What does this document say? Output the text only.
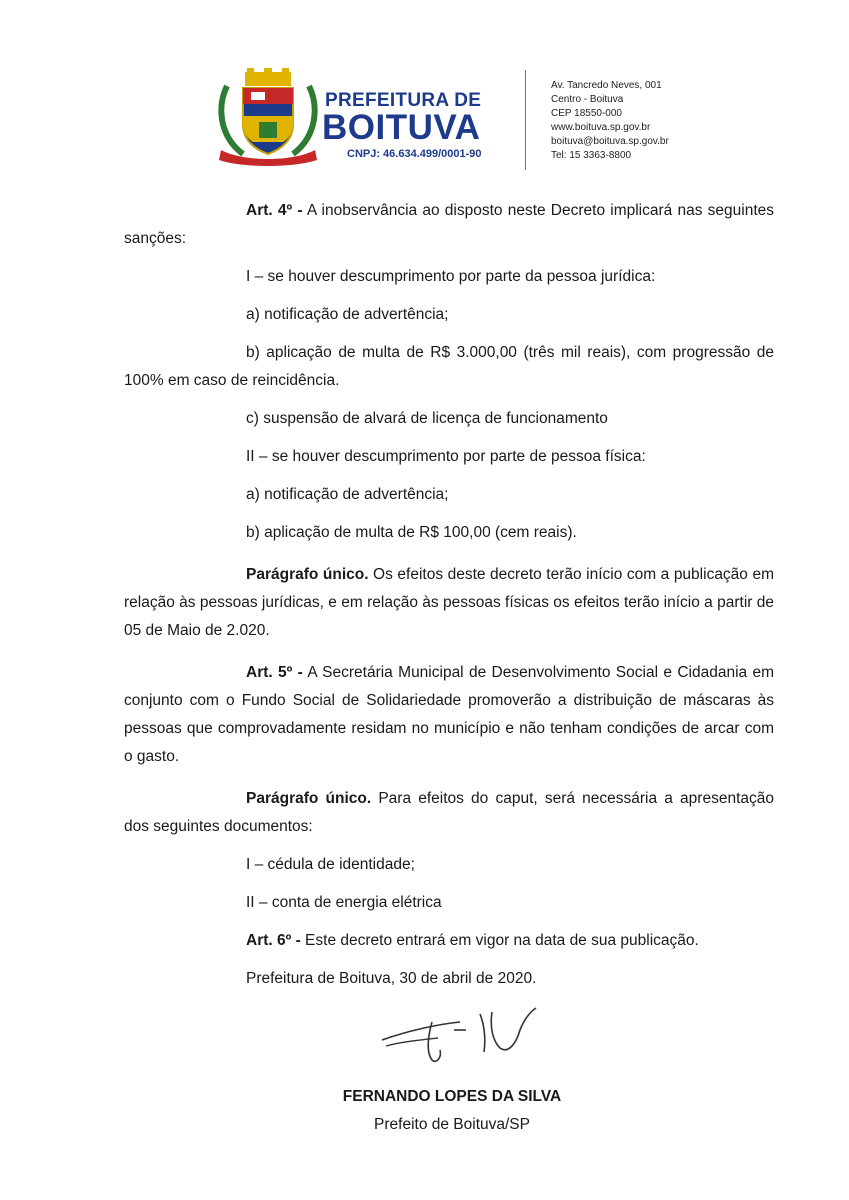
PREFEITURA DE
BOITUVA
CNPJ: 46.634.499/0001-90
Av. Tancredo Neves, 001
Centro - Boituva
CEP 18550-000
www.boituva.sp.gov.br
boituva@boituva.sp.gov.br
Tel: 15 3363-8800

Art. 4º - A inobservância ao disposto neste Decreto implicará nas seguintes sanções:

I – se houver descumprimento por parte da pessoa jurídica:

a) notificação de advertência;

b) aplicação de multa de R$ 3.000,00 (três mil reais), com progressão de 100% em caso de reincidência.

c) suspensão de alvará de licença de funcionamento

II – se houver descumprimento por parte de pessoa física:

a) notificação de advertência;

b) aplicação de multa de R$ 100,00 (cem reais).

Parágrafo único. Os efeitos deste decreto terão início com a publicação em relação às pessoas jurídicas, e em relação às pessoas físicas os efeitos terão início a partir de 05 de Maio de 2.020.

Art. 5º - A Secretária Municipal de Desenvolvimento Social e Cidadania em conjunto com o Fundo Social de Solidariedade promoverão a distribuição de máscaras às pessoas que comprovadamente residam no município e não tenham condições de arcar com o gasto.

Parágrafo único. Para efeitos do caput, será necessária a apresentação dos seguintes documentos:

I – cédula de identidade;

II – conta de energia elétrica

Art. 6º - Este decreto entrará em vigor na data de sua publicação.

Prefeitura de Boituva, 30 de abril de 2020.

FERNANDO LOPES DA SILVA
Prefeito de Boituva/SP
